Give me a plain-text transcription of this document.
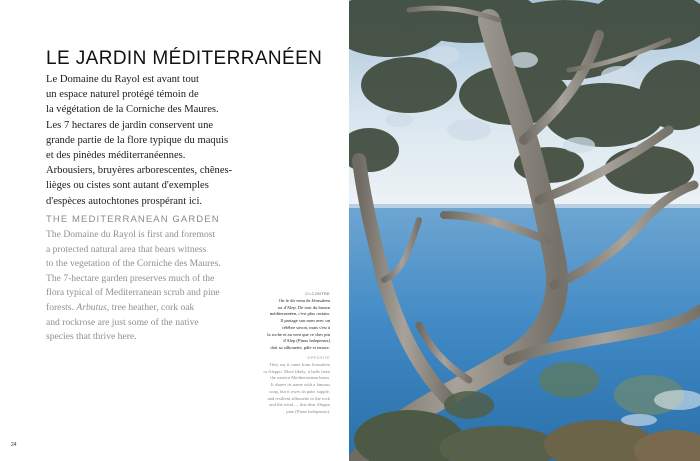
LE JARDIN MÉDITERRANÉEN
Le Domaine du Rayol est avant tout
un espace naturel protégé témoin de
la végétation de la Corniche des Maures.
Les 7 hectares de jardin conservent une
grande partie de la flore typique du maquis
et des pinèdes méditerranéennes.
Arbousiers, bruyères arborescentes, chênes-
lièges ou cistes sont autant d'exemples
d'espèces autochtones prospérant ici.
THE MEDITERRANEAN GARDEN
The Domaine du Rayol is first and foremost
a protected natural area that bears witness
to the vegetation of the Corniche des Maures.
The 7-hectare garden preserves much of the
flora typical of Mediterranean scrub and pine
forests. Arbutus, tree heather, cork oak
and rockrose are just some of the native
species that thrive here.
CI-CONTRE
On le dit venu de Jérusalem
ou d'Alep. De tout du bassin
méditerranéen, c'est plus certain.
Il partage son nom avec un
célèbre savon, mais s'est à
la roche et au vent que ce cher pin
d'Alep (Pinus halepensis)
doit sa silhouette, pâle et tenace.
OPPOSITE
They say it came from Jerusalem
or Aleppo. More likely, it hails from
the eastern Mediterranean basin.
It shares its name with a famous
soap, but it owes its pale, supple,
and resilient silhouette to the rock
and the wind — this dear Aleppo
pine (Pinus halepensis).
24
